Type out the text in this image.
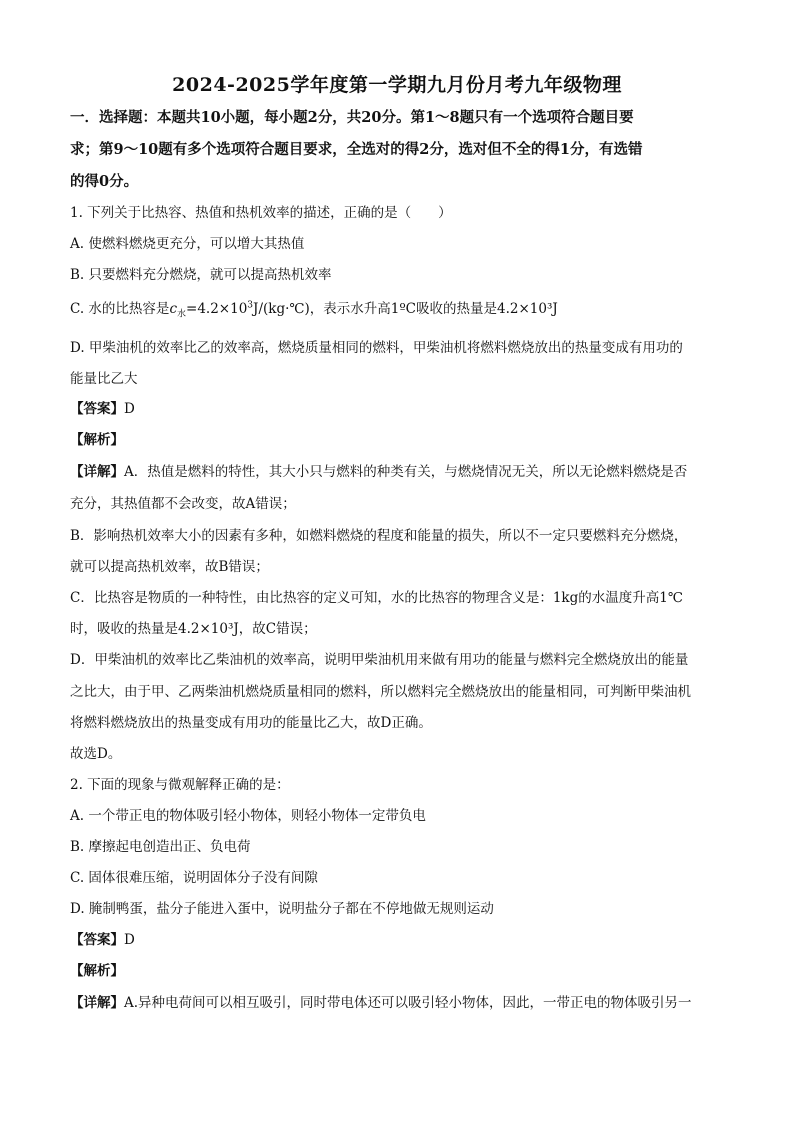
2024-2025学年度第一学期九月份月考九年级物理
一．选择题：本题共10小题，每小题2分，共20分。第1～8题只有一个选项符合题目要
求；第9～10题有多个选项符合题目要求，全选对的得2分，选对但不全的得1分，有选错
的得0分。
1. 下列关于比热容、热值和热机效率的描述，正确的是（　　）
A. 使燃料燃烧更充分，可以增大其热值
B. 只要燃料充分燃烧，就可以提高热机效率
C. 水的比热容是$c_水=4.2\times 10^3J/(kg\cdot℃)$，表示水升高1ºC吸收的热量是4.2×10³J
D. 甲柴油机的效率比乙的效率高，燃烧质量相同的燃料，甲柴油机将燃料燃烧放出的热量变成有用功的
能量比乙大
【答案】D
【解析】
【详解】A．热值是燃料的特性，其大小只与燃料的种类有关，与燃烧情况无关，所以无论燃料燃烧是否
充分，其热值都不会改变，故A错误；
B．影响热机效率大小的因素有多种，如燃料燃烧的程度和能量的损失，所以不一定只要燃料充分燃烧，
就可以提高热机效率，故B错误；
C．比热容是物质的一种特性，由比热容的定义可知，水的比热容的物理含义是：1kg的水温度升高1℃
时，吸收的热量是4.2×10³J，故C错误；
D．甲柴油机的效率比乙柴油机的效率高，说明甲柴油机用来做有用功的能量与燃料完全燃烧放出的能量
之比大，由于甲、乙两柴油机燃烧质量相同的燃料，所以燃料完全燃烧放出的能量相同，可判断甲柴油机
将燃料燃烧放出的热量变成有用功的能量比乙大，故D正确。
故选D。
2. 下面的现象与微观解释正确的是：
A. 一个带正电的物体吸引轻小物体，则轻小物体一定带负电
B. 摩擦起电创造出正、负电荷
C. 固体很难压缩，说明固体分子没有间隙
D. 腌制鸭蛋，盐分子能进入蛋中，说明盐分子都在不停地做无规则运动
【答案】D
【解析】
【详解】A.异种电荷间可以相互吸引，同时带电体还可以吸引轻小物体，因此，一带正电的物体吸引另一
